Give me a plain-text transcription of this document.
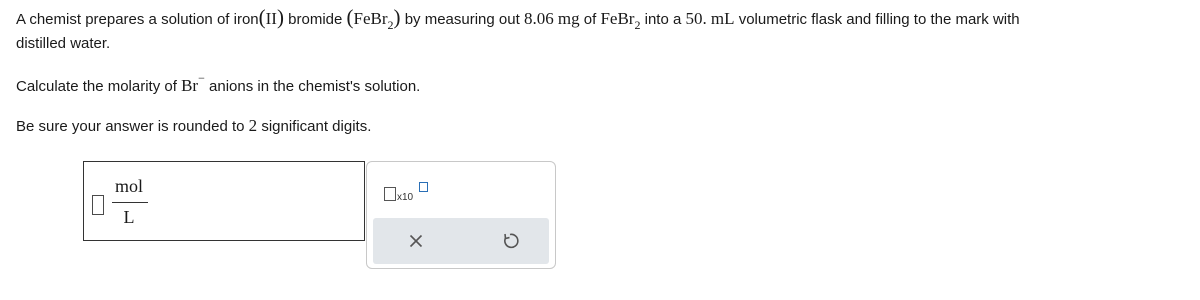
A chemist prepares a solution of iron(II) bromide (FeBr$_2$) by measuring out 8.06 mg of FeBr$_2$ into a 50. mL volumetric flask and filling to the mark with
distilled water.
Calculate the molarity of Br− anions in the chemist's solution.
Be sure your answer is rounded to 2 significant digits.
mol
L
x10
